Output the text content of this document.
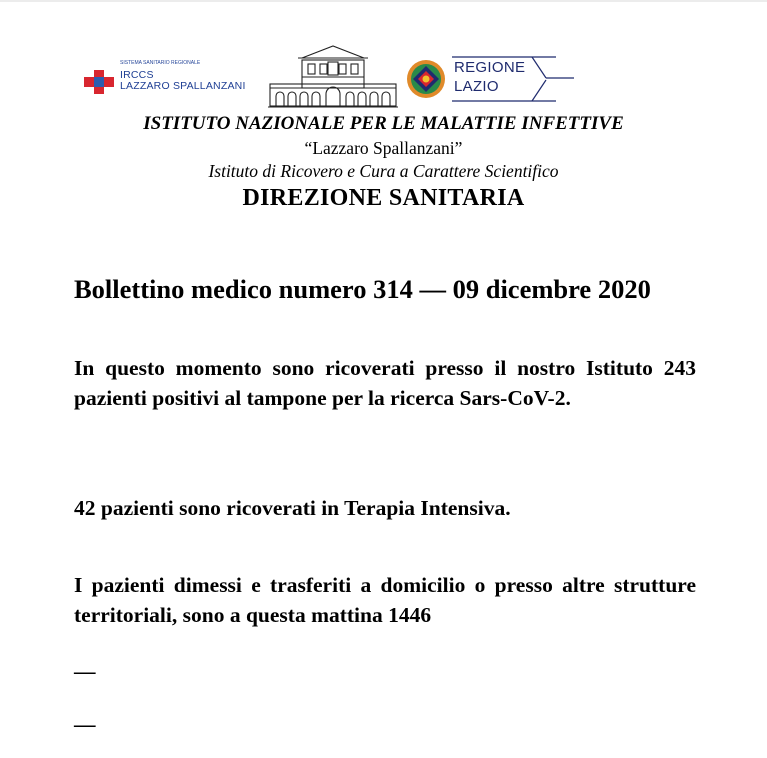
SISTEMA SANITARIO REGIONALE
IRCCS
LAZZARO SPALLANZANI
REGIONE
LAZIO
ISTITUTO NAZIONALE PER LE MALATTIE INFETTIVE
“Lazzaro Spallanzani”
Istituto di Ricovero e Cura a Carattere Scientifico
DIREZIONE SANITARIA
Bollettino medico numero 314 — 09 dicembre 2020
In questo momento sono ricoverati presso il nostro Istituto 243 pazienti positivi al tampone per la ricerca Sars-CoV-2.
42 pazienti sono ricoverati in Terapia Intensiva.
I pazienti dimessi e trasferiti a domicilio o presso altre strutture territoriali, sono a questa mattina 1446
—
—
